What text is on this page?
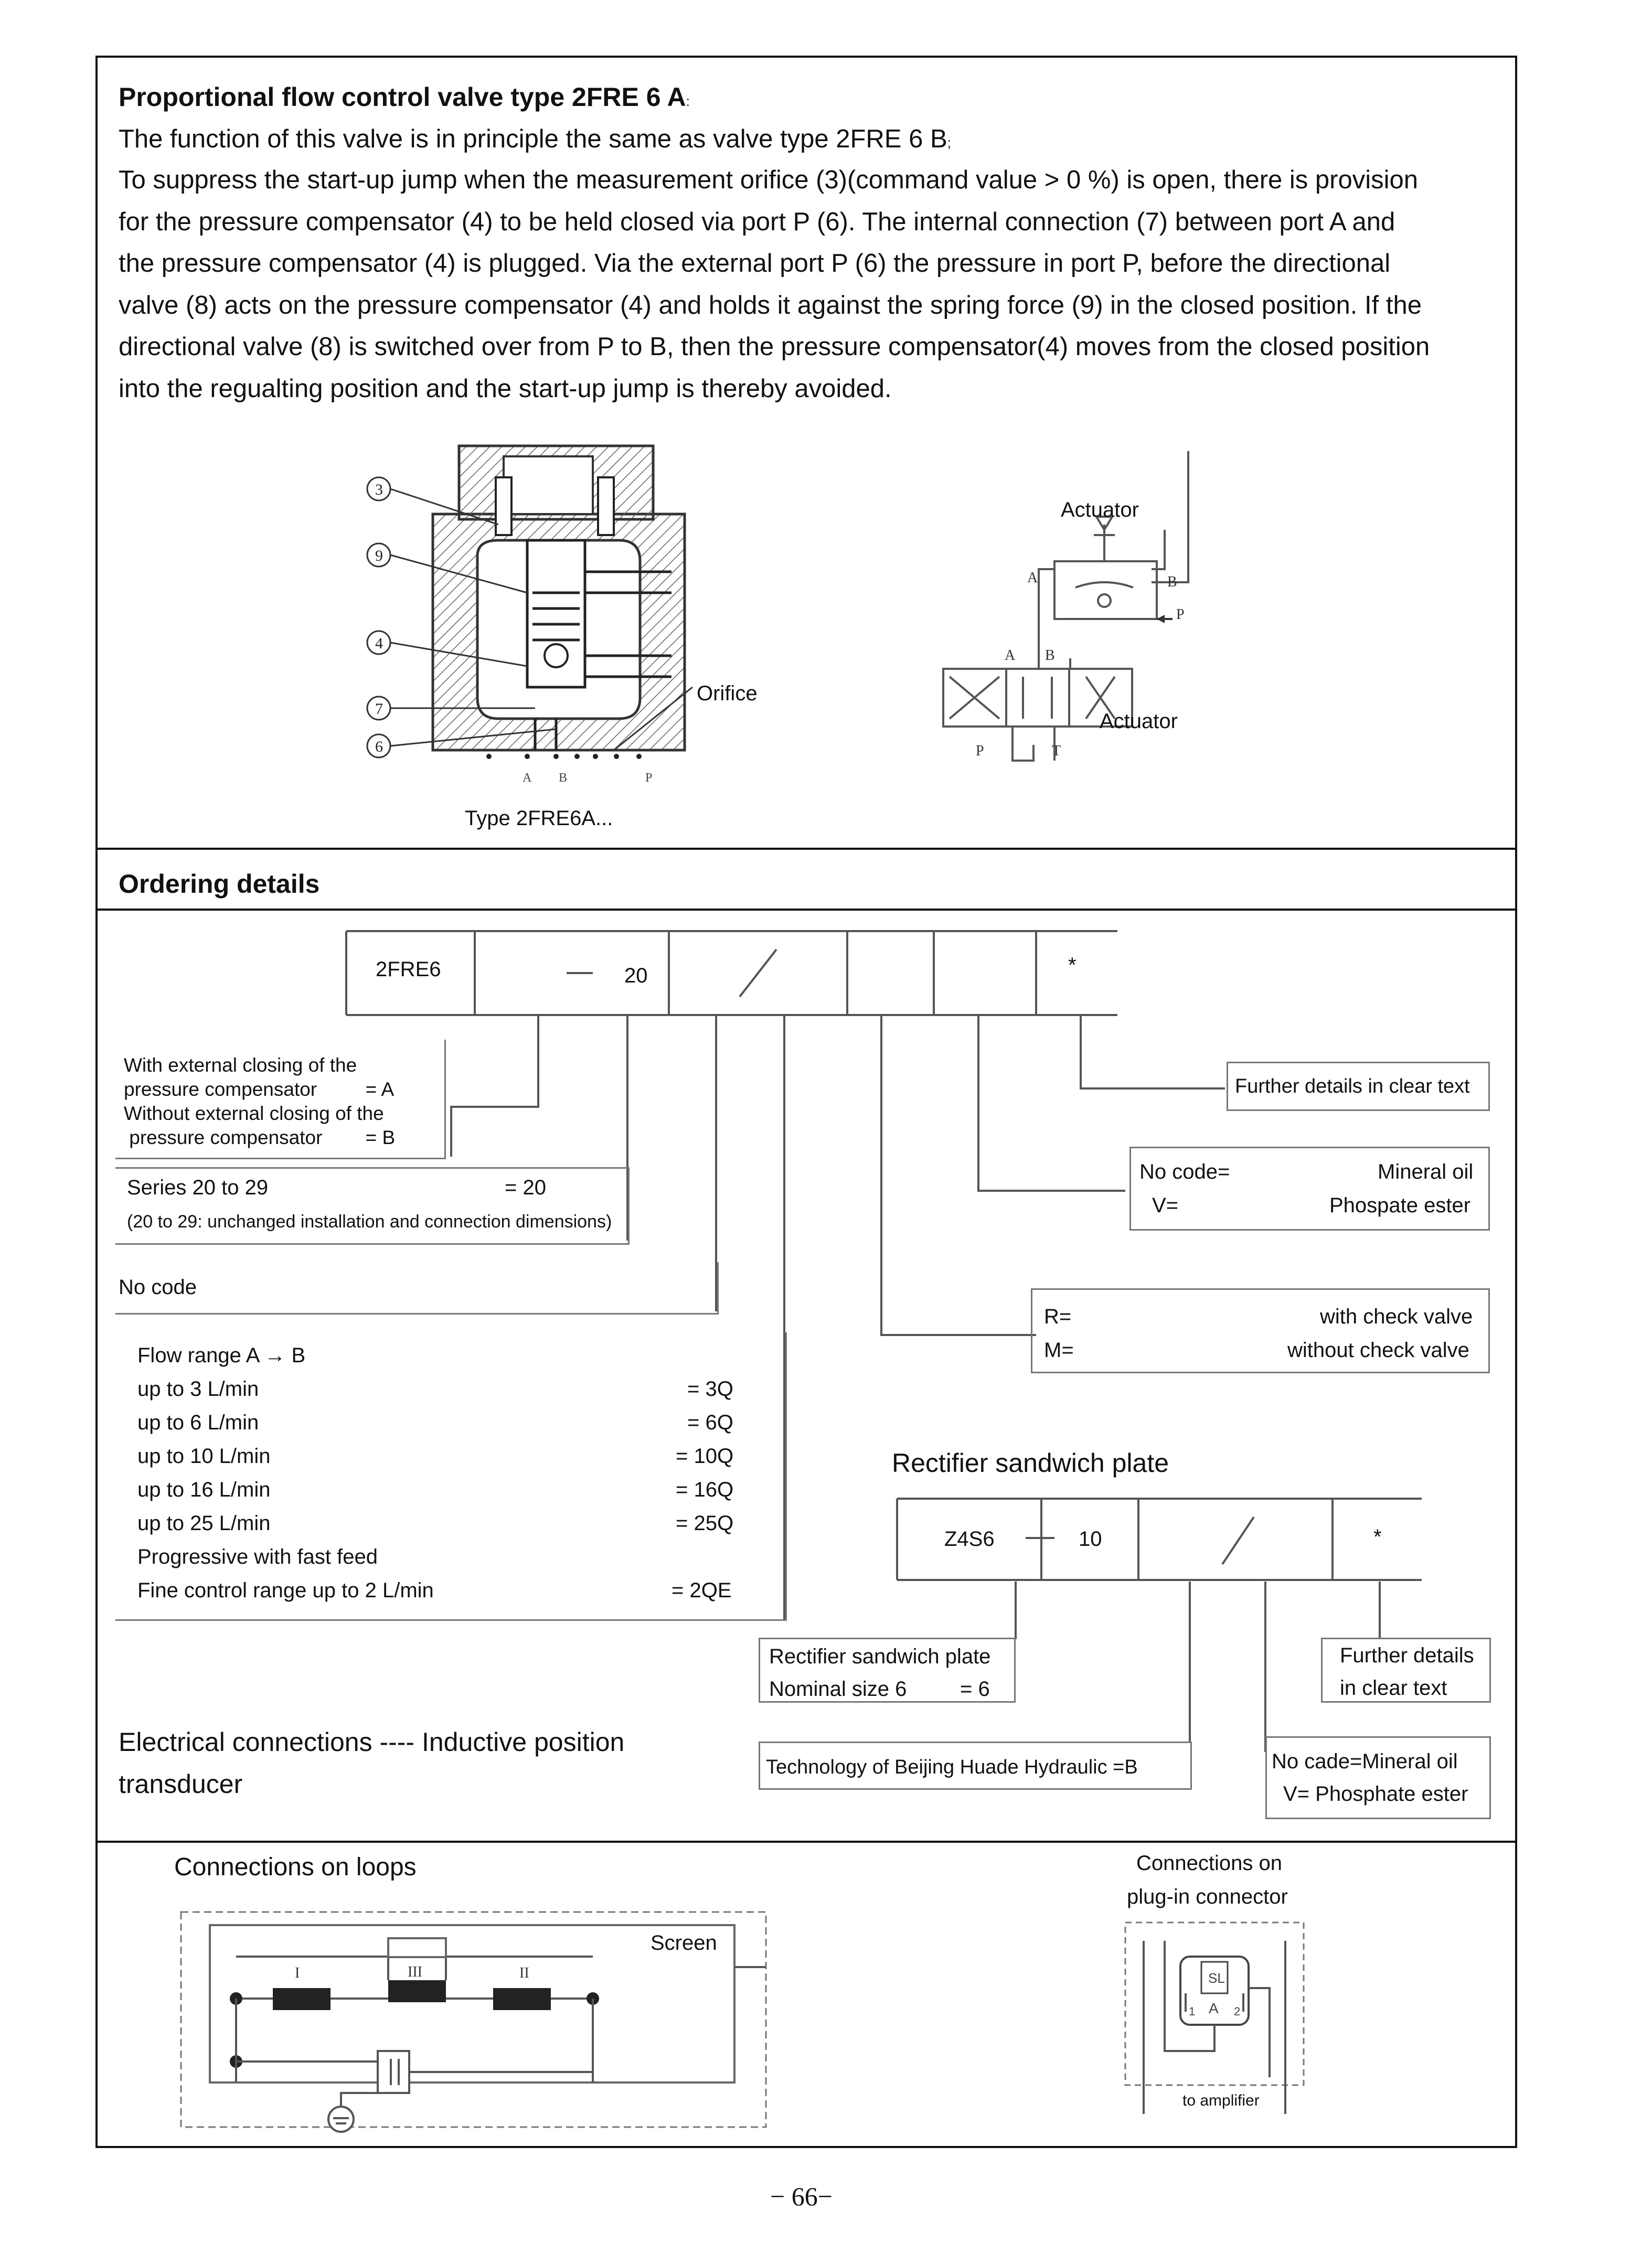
Proportional flow control valve type 2FRE 6 A:
The function of this valve is in principle the same as valve type 2FRE 6 B;
To suppress the start-up jump when the measurement orifice (3)(command value > 0 %) is open, there is provision
for the pressure compensator (4) to be held closed via port P (6). The internal connection (7) between port A and
the pressure compensator (4) is plugged. Via the external port P (6) the pressure in port P, before the directional
valve (8) acts on the pressure compensator (4) and holds it against the spring force (9) in the closed position. If the
directional valve (8) is switched over from P to B, then the pressure compensator(4) moves from the closed position
into the regualting position and the start-up jump is thereby avoided.
3
9
4
7
6
A B	P
Orifice
Type 2FRE6A...
A B
A	B
P
P	T
Actuator
Actuator
Ordering details
2FRE6	20	*
With external closing of the
pressure compensator         = A
Without external closing of the
pressure compensator        = B
Series 20 to 29	= 20
(20 to 29: unchanged installation and connection dimensions)
No code
Flow range A → B
up to 3 L/min	= 3Q
up to 6 L/min	= 6Q
up to 10 L/min	= 10Q
up to 16 L/min	= 16Q
up to 25 L/min	= 25Q
Progressive with fast feed
Fine control range up to 2 L/min	= 2QE
Further details in clear text
No code=	Mineral oil
V=	Phospate ester
R=	with check valve
M=	without check valve
Rectifier sandwich plate
Z4S6	10	*
Rectifier sandwich plate
Nominal size 6	= 6
Further details
in clear text
Technology of Beijing Huade Hydraulic =B	No cade=Mineral oil
V= Phosphate ester
Electrical connections ---- Inductive position
transducer
Connections on loops
I	III	II
Screen
Connections on
plug-in connector
SL
1 A 2
to amplifier
− 66−
